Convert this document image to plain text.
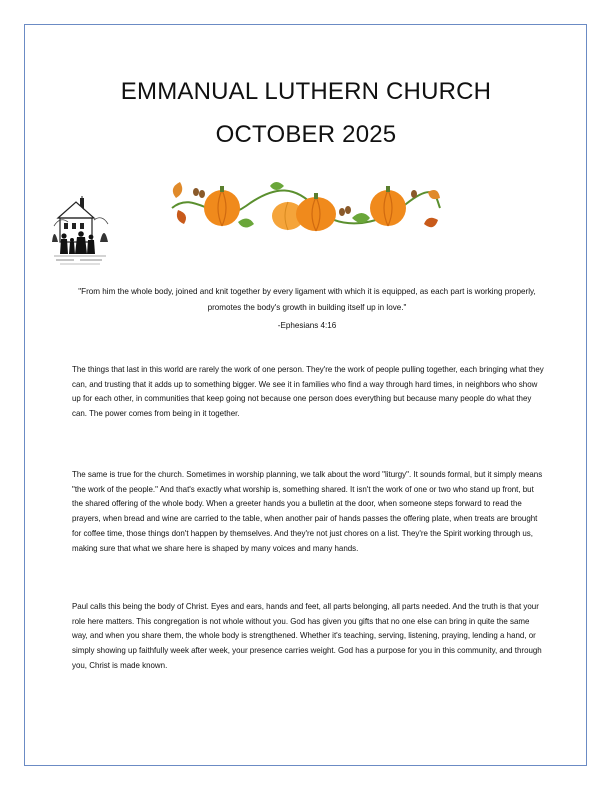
EMMANUAL LUTHERN CHURCH
OCTOBER 2025
"From him the whole body, joined and knit together by every ligament with which it is equipped, as each part is working properly, promotes the body's growth in building itself up in love."
-Ephesians 4:16
The things that last in this world are rarely the work of one person. They're the work of people pulling together, each bringing what they can, and trusting that it adds up to something bigger. We see it in families who find a way through hard times, in neighbors who show up for each other, in communities that keep going not because one person does everything but because many people do what they can. The power comes from being in it together.
The same is true for the church. Sometimes in worship planning, we talk about the word "liturgy". It sounds formal, but it simply means "the work of the people." And that's exactly what worship is, something shared. It isn't the work of one or two who stand up front, but the shared offering of the whole body. When a greeter hands you a bulletin at the door, when someone steps forward to read the prayers, when bread and wine are carried to the table, when another pair of hands passes the offering plate, when treats are brought for coffee time, those things don't happen by themselves. And they're not just chores on a list. They're the Spirit working through us, making sure that what we share here is shaped by many voices and many hands.
Paul calls this being the body of Christ. Eyes and ears, hands and feet, all parts belonging, all parts needed. And the truth is that your role here matters. This congregation is not whole without you. God has given you gifts that no one else can bring in quite the same way, and when you share them, the whole body is strengthened. Whether it's teaching, serving, listening, praying, lending a hand, or simply showing up faithfully week after week, your presence carries weight. God has a purpose for you in this community, and through you, Christ is made known.
